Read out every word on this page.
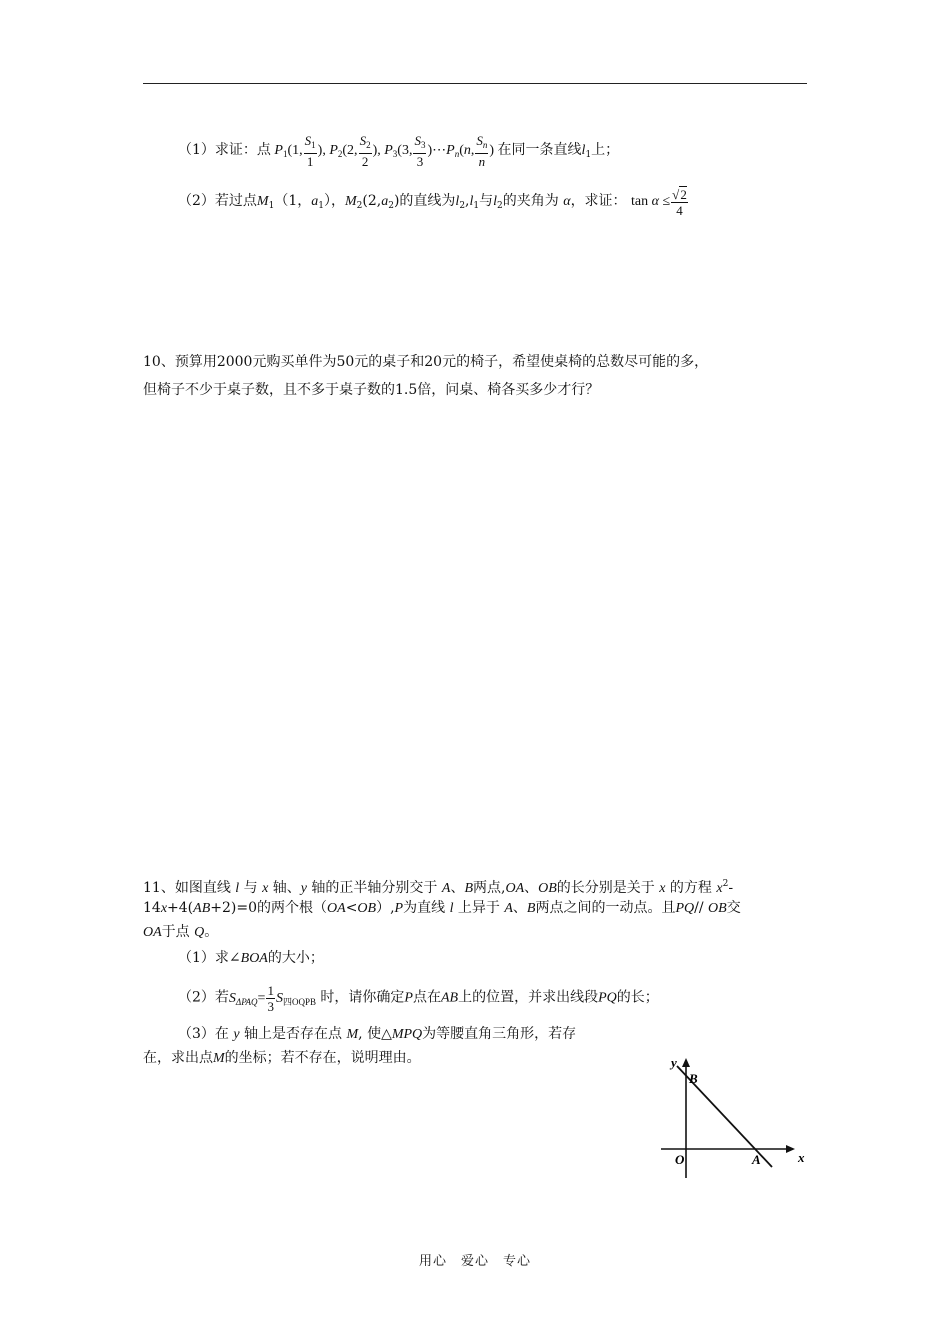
（1）求证：点 $P_1(1$, $\frac{S_1}{1}$ ), $P_2(2$, $\frac{S_2}{2}$ ), $P_3(3$, $\frac{S_3}{3}$ )$\cdots P_n(n$, $\frac{S_n}{n}$ ) 在同一条直线$l_1$上；
（2）若过点$M_1(1$，$a_1$），$M_2(2,a_2)$的直线为$l_2,l_1$与$l_2$的夹角为 α，求证： $\tan \alpha \le \frac{√2}{4}$
10、预算用2000元购买单件为50元的桌子和20元的椅子，希望使桌椅的总数尽可能的多，
但椅子不少于桌子数，且不多于桌子数的1.5倍，问桌、椅各买多少才行？
11、如图直线 l 与 x 轴、y 轴的正半轴分别交于 A、B两点,OA、OB的长分别是关于 x 的方程 $x^2-$
14x+4(AB+2)=0的两个根（OA<OB）,P为直线 l 上异于 A、B两点之间的一动点。且PQ// OB交
OA于点 Q。
（1）求∠BOA的大小；
（2）若$S_{\Delta PAQ}= \frac{1}{3} S_{四OQPB}$ 时，请你确定P点在AB上的位置，并求出线段PQ的长；
（3）在 y 轴上是否存在点 M, 使△MPQ为等腰直角三角形，若存
在，求出点M的坐标；若不存在，说明理由。	y
B
O	A	x
用心　爱心　专心
